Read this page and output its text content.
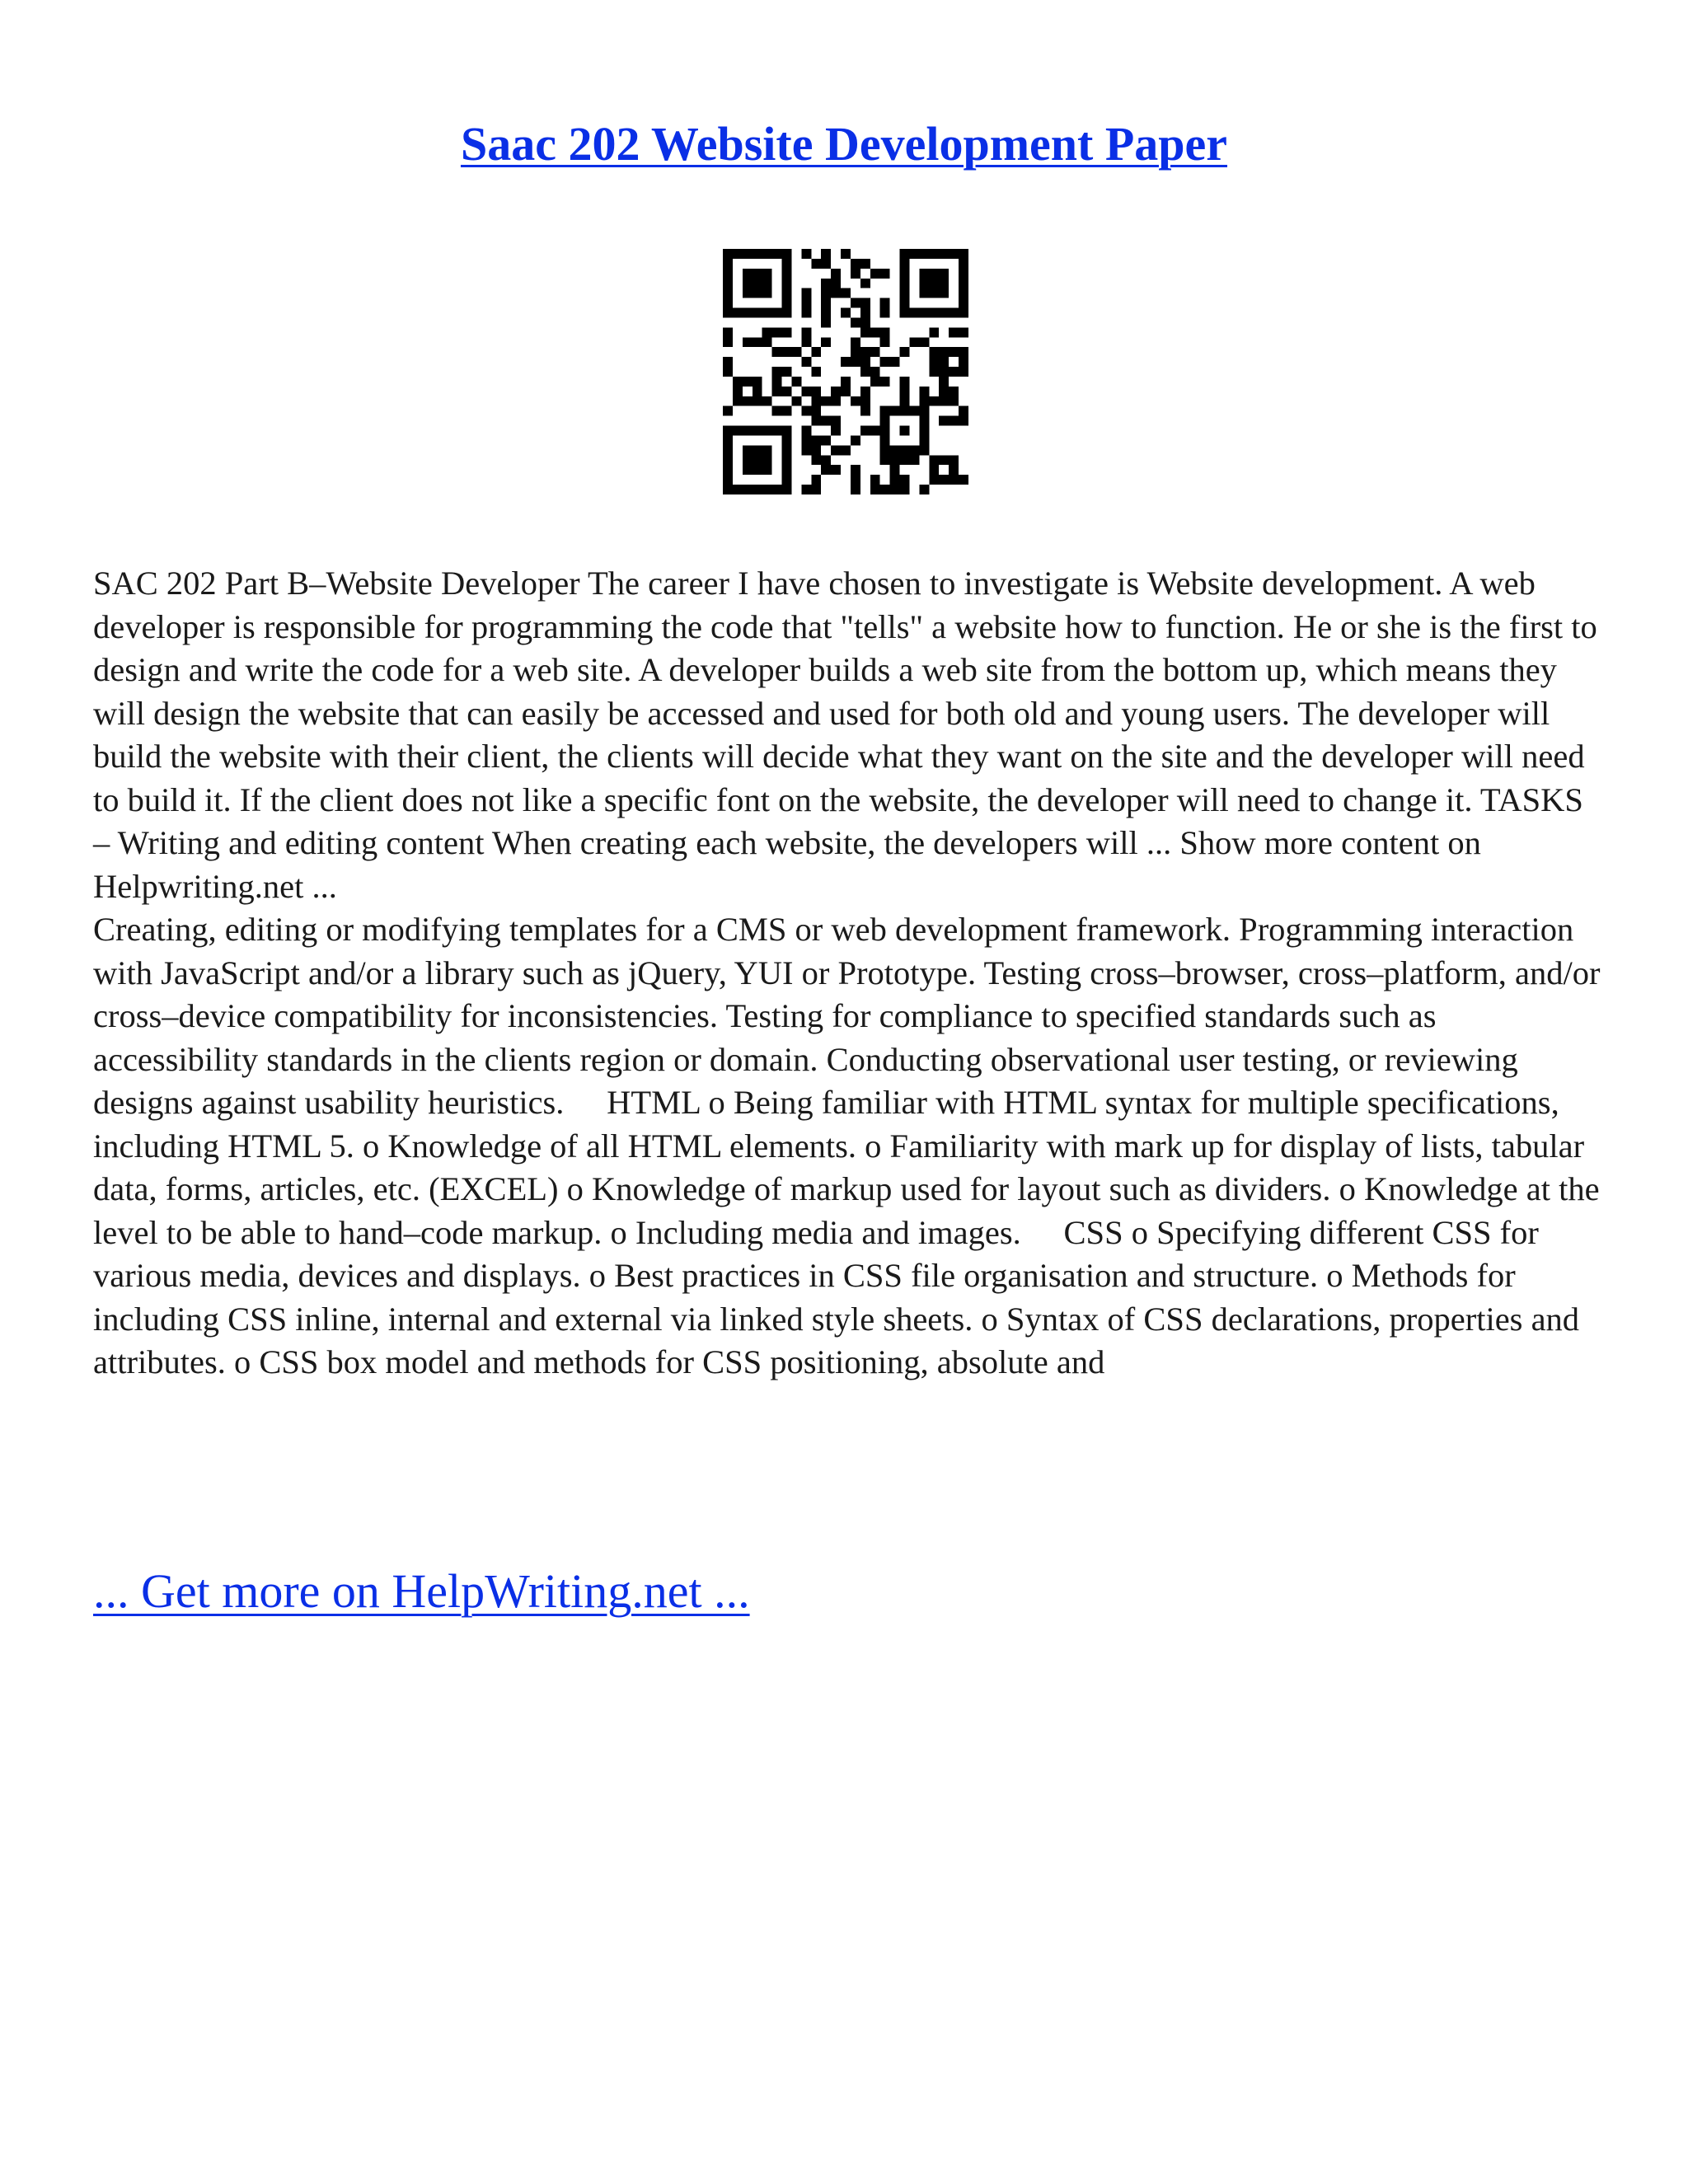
Saac 202 Website Development Paper

SAC 202 Part B–Website Developer The career I have chosen to investigate is Website development. A web developer is responsible for programming the code that "tells" a website how to function. He or she is the first to design and write the code for a web site. A developer builds a web site from the bottom up, which means they will design the website that can easily be accessed and used for both old and young users. The developer will build the website with their client, the clients will decide what they want on the site and the developer will need to build it. If the client does not like a specific font on the website, the developer will need to change it. TASKS – Writing and editing content When creating each website, the developers will ... Show more content on Helpwriting.net ...

Creating, editing or modifying templates for a CMS or web development framework. Programming interaction with JavaScript and/or a library such as jQuery, YUI or Prototype. Testing cross–browser, cross–platform, and/or cross–device compatibility for inconsistencies. Testing for compliance to specified standards such as accessibility standards in the clients region or domain. Conducting observational user testing, or reviewing designs against usability heuristics. HTML o Being familiar with HTML syntax for multiple specifications, including HTML 5. o Knowledge of all HTML elements. o Familiarity with mark up for display of lists, tabular data, forms, articles, etc. (EXCEL) o Knowledge of markup used for layout such as dividers. o Knowledge at the level to be able to hand–code markup. o Including media and images. CSS o Specifying different CSS for various media, devices and displays. o Best practices in CSS file organisation and structure. o Methods for including CSS inline, internal and external via linked style sheets. o Syntax of CSS declarations, properties and attributes. o CSS box model and methods for CSS positioning, absolute and

... Get more on HelpWriting.net ...
